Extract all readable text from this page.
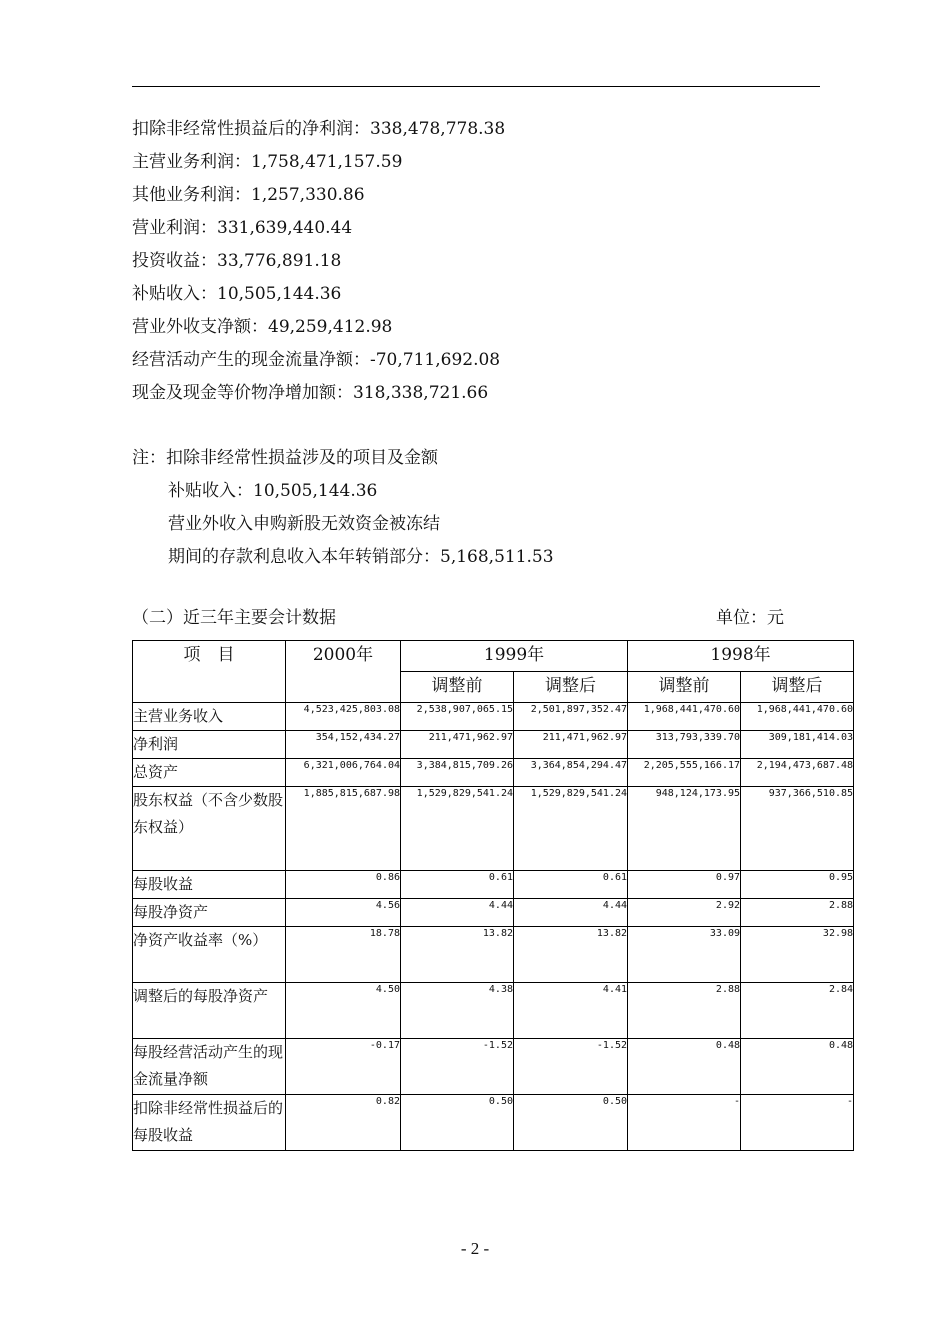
扣除非经常性损益后的净利润：338,478,778.38
主营业务利润：1,758,471,157.59
其他业务利润：1,257,330.86
营业利润：331,639,440.44
投资收益：33,776,891.18
补贴收入：10,505,144.36
营业外收支净额：49,259,412.98
经营活动产生的现金流量净额：-70,711,692.08
现金及现金等价物净增加额：318,338,721.66
注：扣除非经常性损益涉及的项目及金额
补贴收入：10,505,144.36
营业外收入申购新股无效资金被冻结
期间的存款利息收入本年转销部分：5,168,511.53
（二）近三年主要会计数据	单位：元
项　目	2000年	1999年		1998年	
		调整前	调整后	调整前	调整后
主营业务收入	4,523,425,803.08	2,538,907,065.15	2,501,897,352.47	1,968,441,470.60	1,968,441,470.60
净利润	354,152,434.27	211,471,962.97	211,471,962.97	313,793,339.70	309,181,414.03
总资产	6,321,006,764.04	3,384,815,709.26	3,364,854,294.47	2,205,555,166.17	2,194,473,687.48
股东权益（不含少数股东权益）	1,885,815,687.98	1,529,829,541.24	1,529,829,541.24	948,124,173.95	937,366,510.85
每股收益	0.86	0.61	0.61	0.97	0.95
每股净资产	4.56	4.44	4.44	2.92	2.88
净资产收益率（%）	18.78	13.82	13.82	33.09	32.98
调整后的每股净资产	4.50	4.38	4.41	2.88	2.84
每股经营活动产生的现金流量净额	-0.17	-1.52	-1.52	0.48	0.48
扣除非经常性损益后的每股收益	0.82	0.50	0.50	-	-
- 2 -
